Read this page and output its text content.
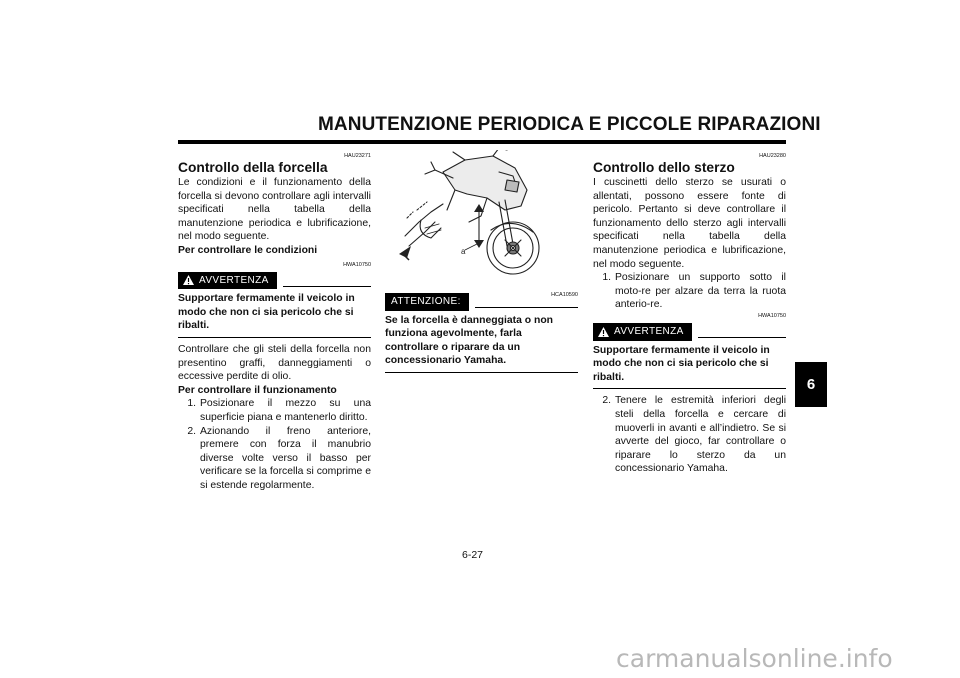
MANUTENZIONE PERIODICA E PICCOLE RIPARAZIONI
6
HAU23271
Controllo della forcella

Le condizioni e il funzionamento della forcella si devono controllare agli intervalli specificati nella tabella della manutenzione periodica e lubrificazione, nel modo seguente.

Per controllare le condizioni
HWA10750
AVVERTENZA
Supportare fermamente il veicolo in modo che non ci sia pericolo che si ribalti.

Controllare che gli steli della forcella non presentino graffi, danneggiamenti o eccessive perdite di olio.

Per controllare il funzionamento
1. Posizionare il mezzo su una superficie piana e mantenerlo diritto.
2. Azionando il freno anteriore, premere con forza il manubrio diverse volte verso il basso per verificare se la forcella si comprime e si estende regolarmente.
a
HCA10590
ATTENZIONE:
Se la forcella è danneggiata o non funziona agevolmente, farla controllare o riparare da un concessionario Yamaha.
HAU23280
Controllo dello sterzo

I cuscinetti dello sterzo se usurati o allentati, possono essere fonte di pericolo. Pertanto si deve controllare il funzionamento dello sterzo agli intervalli specificati nella tabella della manutenzione periodica e lubrificazione, nel modo seguente.

1. Posizionare un supporto sotto il moto-re per alzare da terra la ruota anterio-re.
HWA10750
AVVERTENZA
Supportare fermamente il veicolo in modo che non ci sia pericolo che si ribalti.
2. Tenere le estremità inferiori degli steli della forcella e cercare di muoverli in avanti e all’indietro. Se si avverte del gioco, far controllare o riparare lo sterzo da un concessionario Yamaha.
6-27
carmanualsonline.info
